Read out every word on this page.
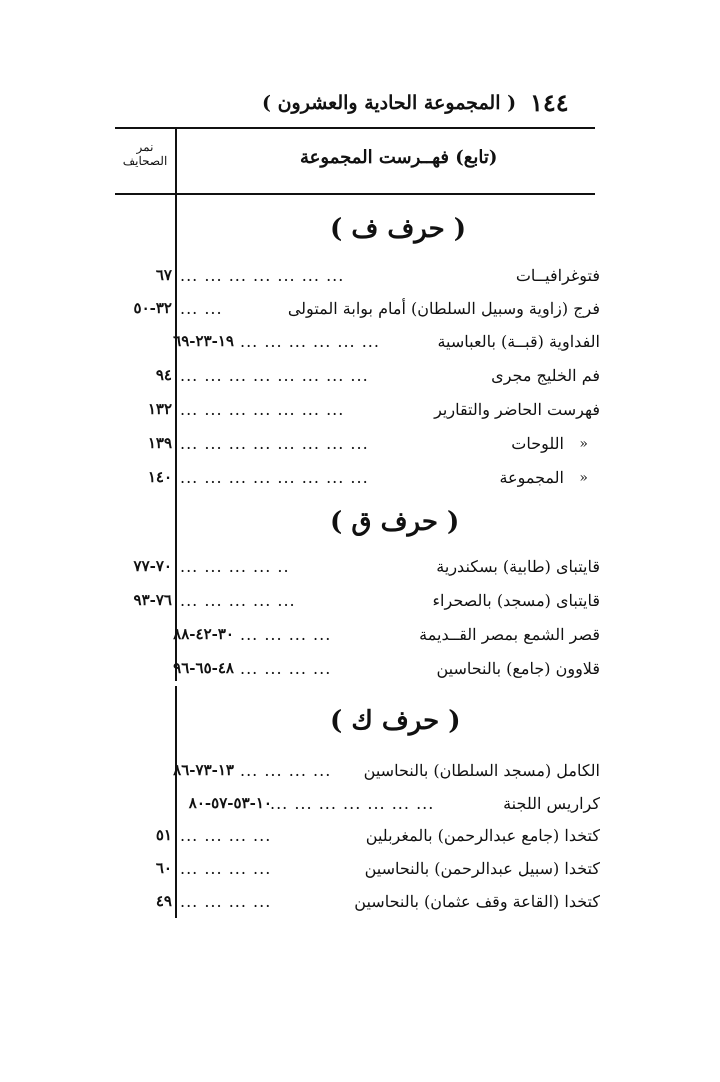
١٤٤
( المجموعة الحادية والعشرون )
(تابع) فهــرست المجموعة
نمر الصحايف
( حرف ف )
فتوغرافيــات
... ... ... ... ... ... ...
٦٧
فرج (زاوية وسبيل السلطان) أمام بوابة المتولى
... ...
٣٢-٥٠
الفداوية (قبــة) بالعباسية
... ... ... ... ... ...
١٩-٢٣-٦٩
فم الخليج مجرى
... ... ... ... ... ... ... ...
٩٤
فهرست الحاضر والتقارير
... ... ... ... ... ... ...
١٣٢
اللوحات »
... ... ... ... ... ... ... ...
١٣٩
المجموعة »
... ... ... ... ... ... ... ...
١٤٠
( حرف ق )
قايتباى (طابية) بسكندرية
... ... ... ... ..
٧٠-٧٧
قايتباى (مسجد) بالصحراء
... ... ... ... ...
٧٦-٩٣
قصر الشمع بمصر القــديمة
... ... ... ...
٣٠-٤٢-٨٨
قلاوون (جامع) بالنحاسين
... ... ... ...
٤٨-٦٥-٩٦
( حرف ك )
الكامل (مسجد السلطان) بالنحاسين
... ... ... ...
١٣-٧٣-٨٦
كراريس اللجنة
... ... ... ... ... ... ...
١٠-٥٣-٥٧-٨٠
كتخدا (جامع عبدالرحمن) بالمغربلين
... ... ... ...
٥١
كتخدا (سبيل عبدالرحمن) بالنحاسين
... ... ... ...
٦٠
كتخدا (القاعة وقف عثمان) بالنحاسين
... ... ... ...
٤٩
